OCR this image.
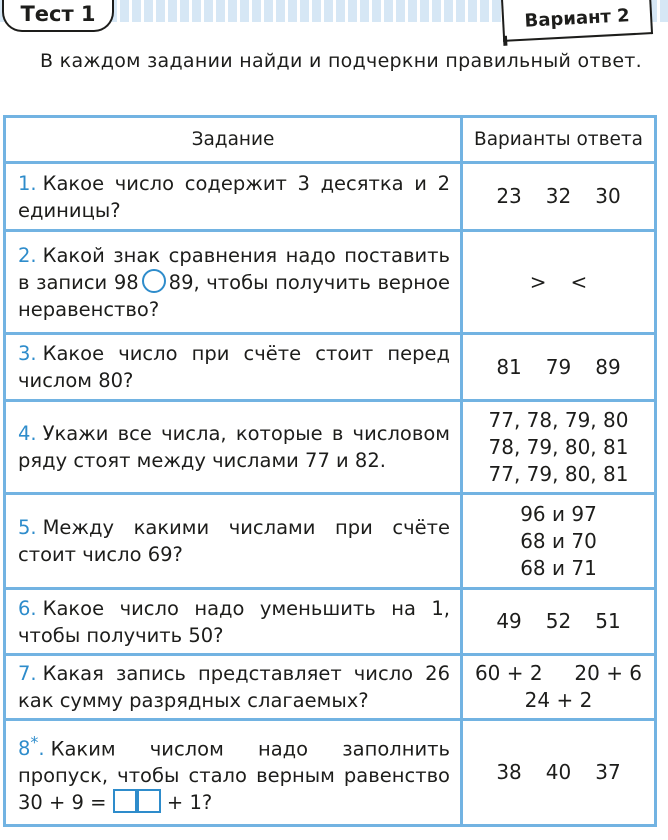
Тест 1	Вариант 2
В каждом задании найди и подчеркни правильный ответ.
Задание	Варианты ответа
1. Какое число содержит 3 десятка и 2 единицы?	23 32 30
2. Какой знак сравнения надо поставить в записи 98 89, чтобы получить верное неравенство?	> <
3. Какое число при счёте стоит перед числом 80?	81 79 89
4. Укажи все числа, которые в числовом ряду стоят между числами 77 и 82.	77, 78, 79, 80
78, 79, 80, 81
77, 79, 80, 81

5. Между какими числами при счёте стоит число 69?	96 и 97
68 и 70
68 и 71

6. Какое число надо уменьшить на 1, чтобы получить 50?	49 52 51
7. Какая запись представляет число 26 как сумму разрядных слагаемых?	60 + 2     20 + 6
24 + 2

8*. Каким числом надо заполнить пропуск, чтобы стало верным равенство 30 + 9 = + 1?	38 40 37
